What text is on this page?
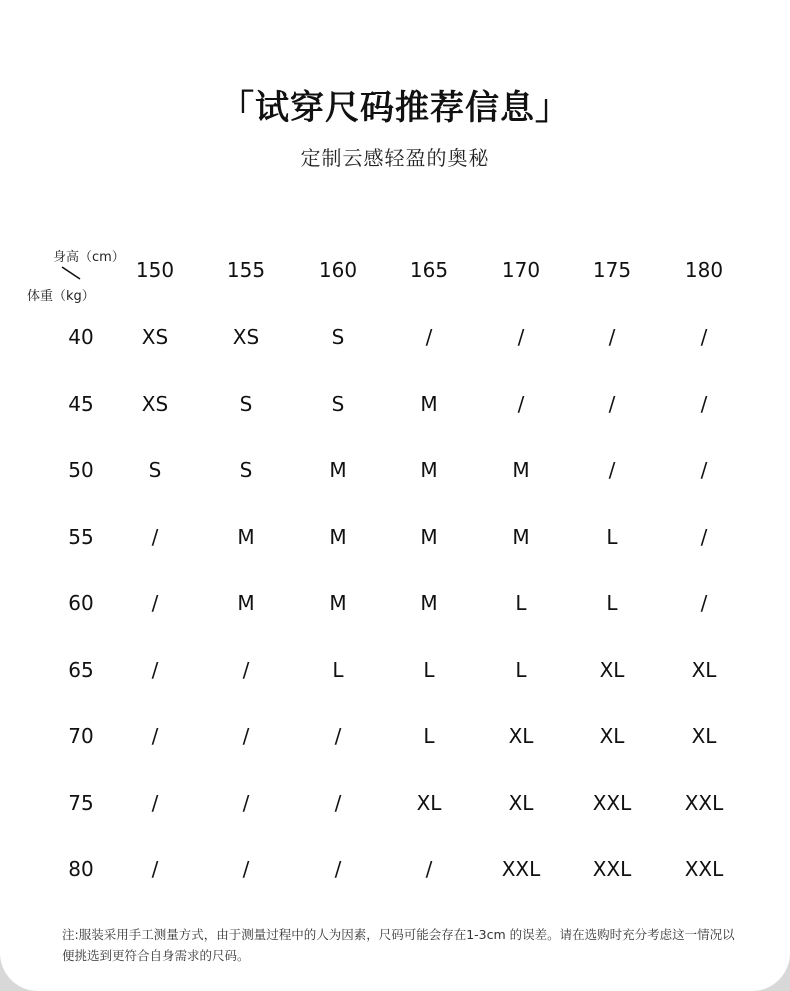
「试穿尺码推荐信息」
定制云感轻盈的奥秘
身高（cm）
体重（kg）
150	155	160	165	170	175	180
40	XS	XS	S	/	/	/	/
45	XS	S	S	M	/	/	/
50	S	S	M	M	M	/	/
55	/	M	M	M	M	L	/
60	/	M	M	M	L	L	/
65	/	/	L	L	L	XL	XL
70	/	/	/	L	XL	XL	XL
75	/	/	/	XL	XL	XXL	XXL
80	/	/	/	/	XXL	XXL	XXL
注:服装采用手工测量方式，由于测量过程中的人为因素，尺码可能会存在1-3cm 的误差。请在选购时充分考虑这一情况以便挑选到更符合自身需求的尺码。
